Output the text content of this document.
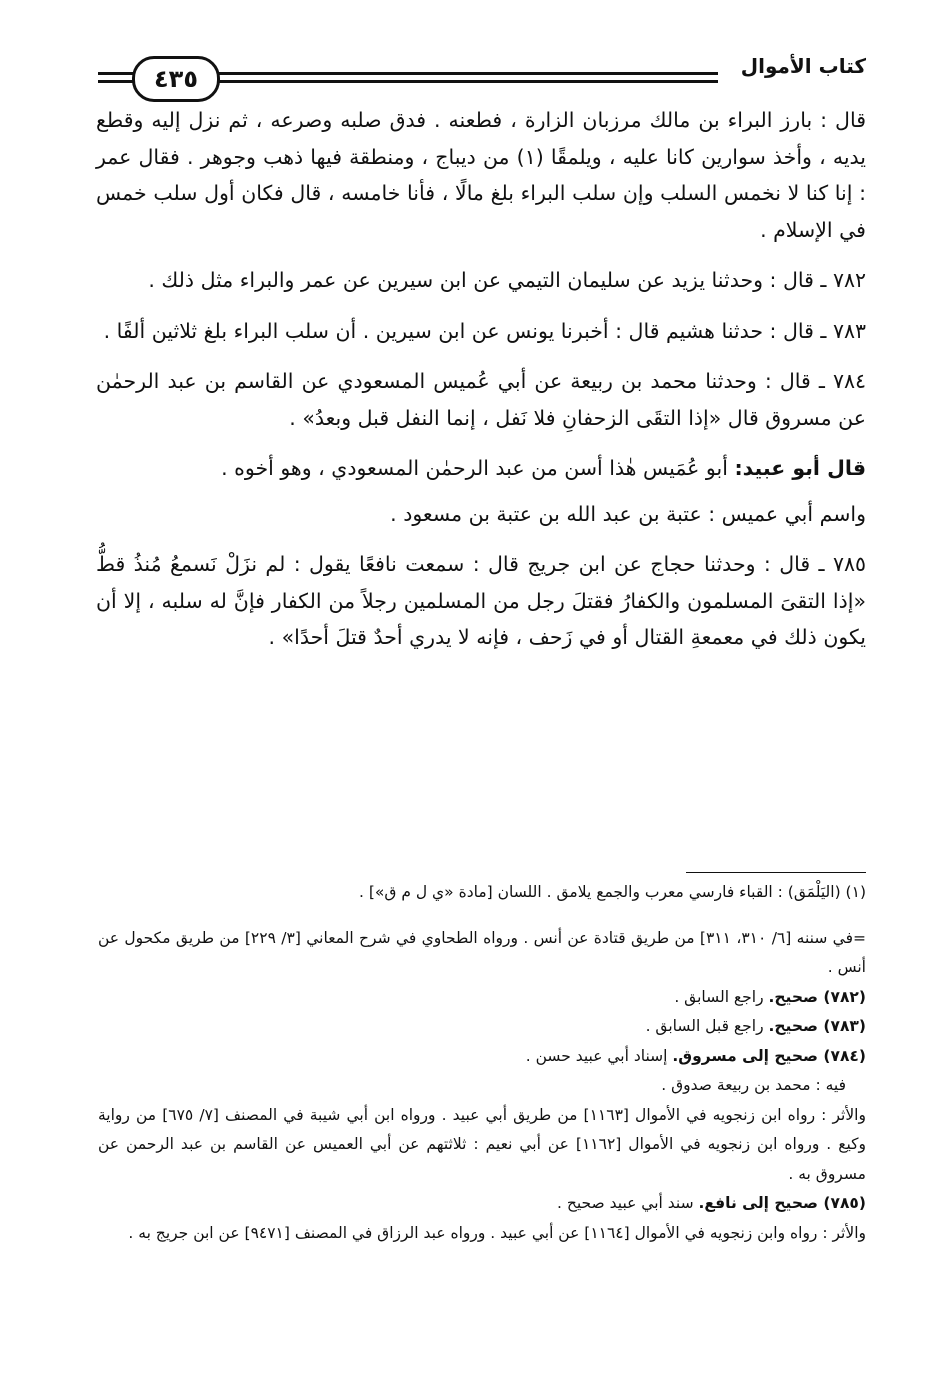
كتاب الأموال
٤٣٥

قال : بارز البراء بن مالك مرزبان الزارة ، فطعنه . فدق صلبه وصرعه ، ثم نزل إليه وقطع يديه ، وأخذ سوارين كانا عليه ، ويلمقًا (١) من ديباج ، ومنطقة فيها ذهب وجوهر . فقال عمر : إنا كنا لا نخمس السلب وإن سلب البراء بلغ مالًا ، فأنا خامسه ، قال فكان أول سلب خمس في الإسلام .

٧٨٢ ـ قال : وحدثنا يزيد عن سليمان التيمي عن ابن سيرين عن عمر والبراء مثل ذلك .

٧٨٣ ـ قال : حدثنا هشيم قال : أخبرنا يونس عن ابن سيرين . أن سلب البراء بلغ ثلاثين ألفًا .

٧٨٤ ـ قال : وحدثنا محمد بن ربيعة عن أبي عُميس المسعودي عن القاسم بن عبد الرحمٰن عن مسروق قال «إذا التقَى الزحفانِ فلا نَفل ، إنما النفل قبل وبعدُ» .

قال أبو عبيد: أبو عُمَيس هٰذا أسن من عبد الرحمٰن المسعودي ، وهو أخوه .

واسم أبي عميس : عتبة بن عبد الله بن عتبة بن مسعود .

٧٨٥ ـ قال : وحدثنا حجاج عن ابن جريج قال : سمعت نافعًا يقول : لم نزَلْ نَسمعُ مُنذُ قطُّ «إذا التقىَ المسلمون والكفارُ فقتلَ رجل من المسلمين رجلاً من الكفار فإنَّ له سلبه ، إلا أن يكون ذلك في معمعةِ القتال أو في زَحف ، فإنه لا يدري أحدٌ قتلَ أحدًا» .

(١) (اليَلْمَق) : القباء فارسي معرب والجمع يلامق . اللسان [مادة «ي ل م ق»] .

=في سننه [٦/ ٣١٠، ٣١١] من طريق قتادة عن أنس . ورواه الطحاوي في شرح المعاني [٣/ ٢٢٩] من طريق مكحول عن أنس .

(٧٨٢) صحيح. راجع السابق .

(٧٨٣) صحيح. راجع قبل السابق .

(٧٨٤) صحيح إلى مسروق. إسناد أبي عبيد حسن .

فيه : محمد بن ربيعة صدوق .

والأثر : رواه ابن زنجويه في الأموال [١١٦٣] من طريق أبي عبيد . ورواه ابن أبي شيبة في المصنف [٧/ ٦٧٥] من رواية وكيع . ورواه ابن زنجويه في الأموال [١١٦٢] عن أبي نعيم : ثلاثتهم عن أبي العميس عن القاسم بن عبد الرحمن عن مسروق به .

(٧٨٥) صحيح إلى نافع. سند أبي عبيد صحيح .

والأثر : رواه وابن زنجويه في الأموال [١١٦٤] عن أبي عبيد . ورواه عبد الرزاق في المصنف [٩٤٧١] عن ابن جريج به .
